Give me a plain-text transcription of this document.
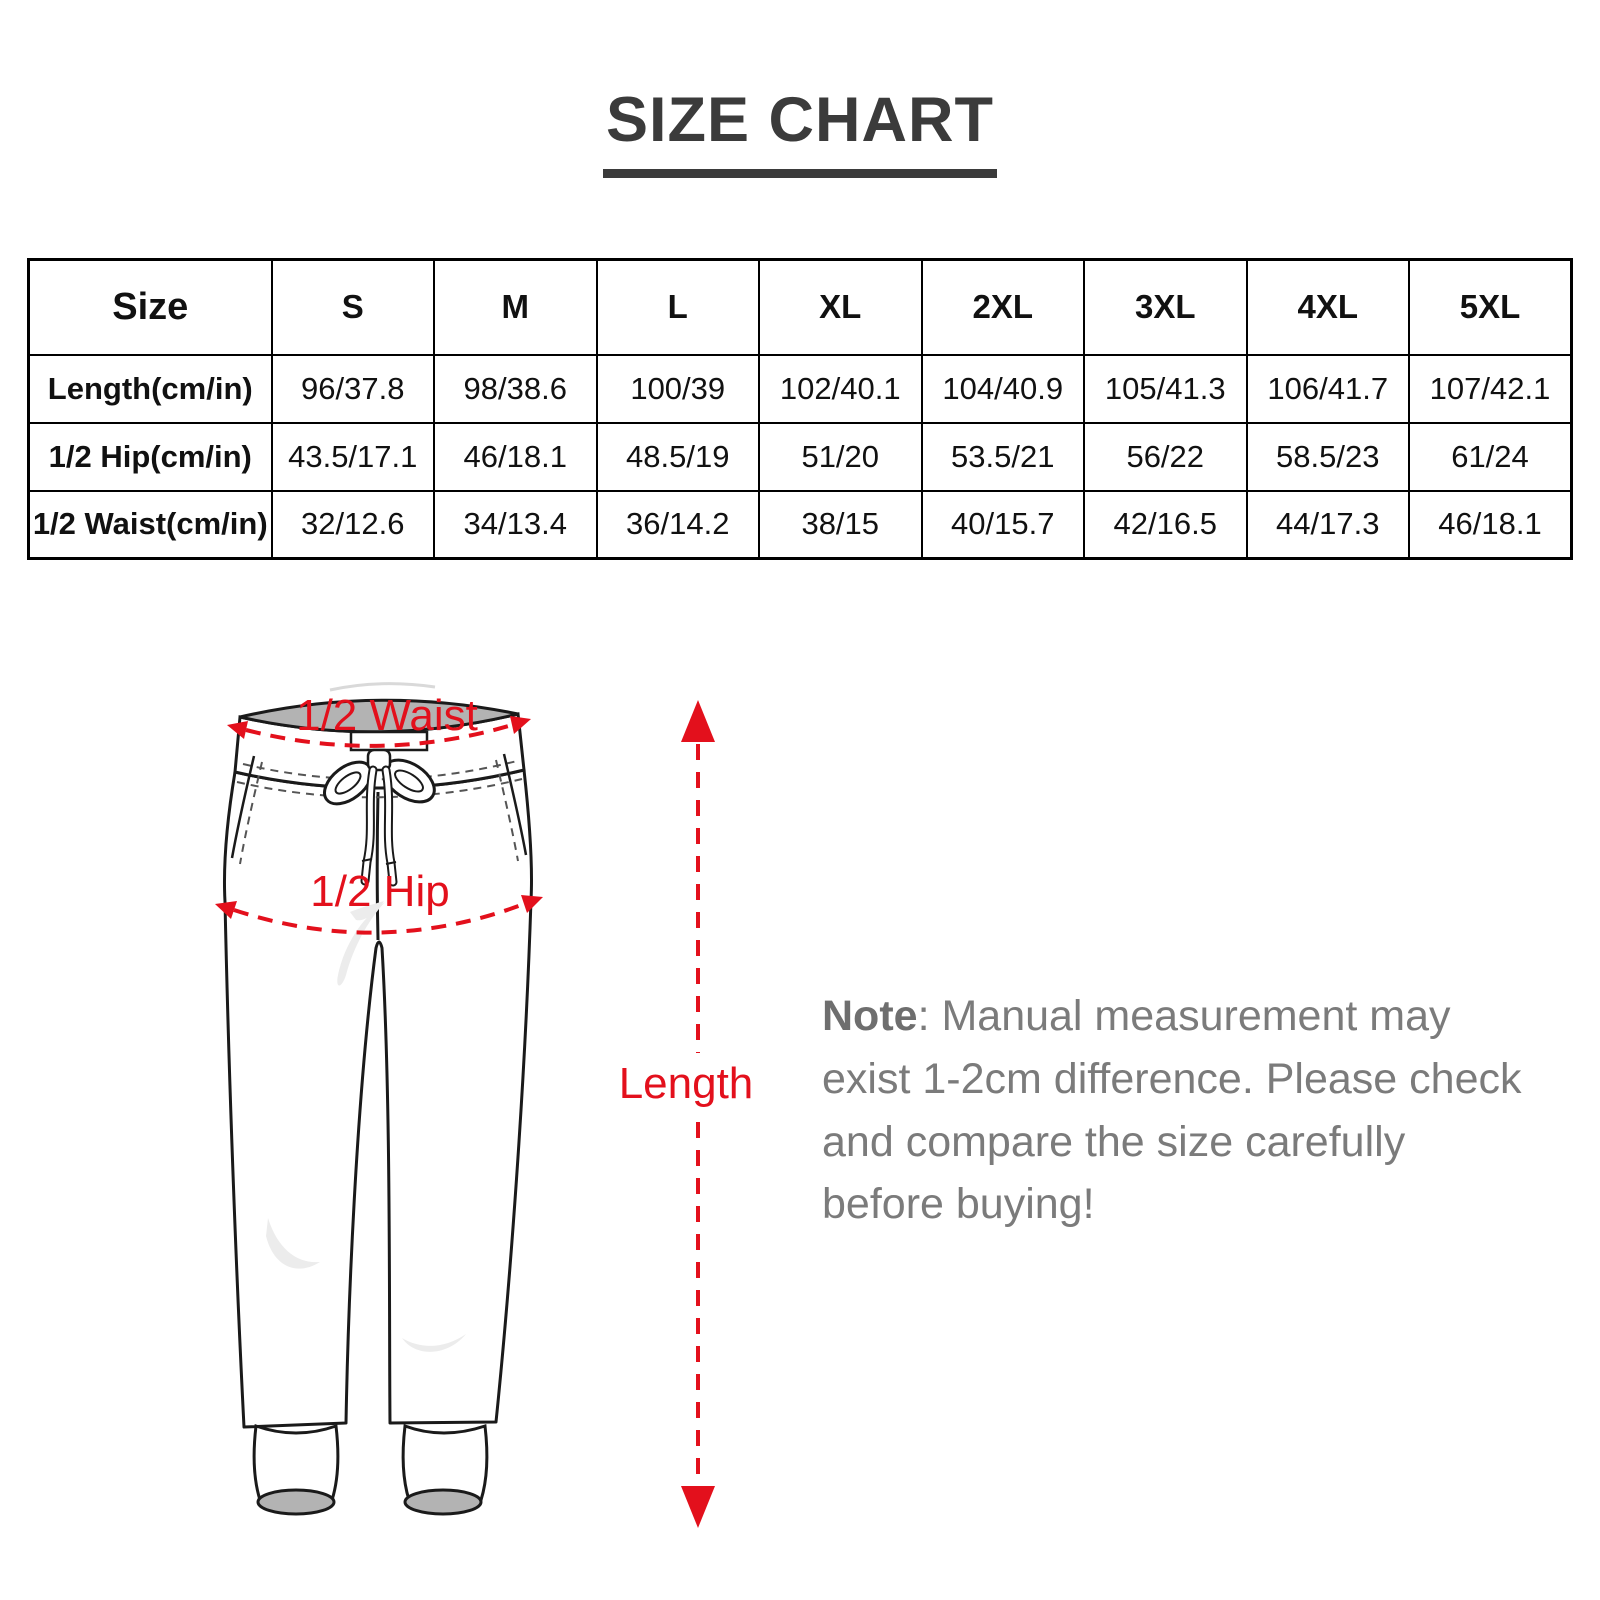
SIZE CHART
Size	S	M	L	XL	2XL	3XL	4XL	5XL
Length(cm/in)	96/37.8	98/38.6	100/39	102/40.1	104/40.9	105/41.3	106/41.7	107/42.1
1/2 Hip(cm/in)	43.5/17.1	46/18.1	48.5/19	51/20	53.5/21	56/22	58.5/23	61/24
1/2 Waist(cm/in)	32/12.6	34/13.4	36/14.2	38/15	40/15.7	42/16.5	44/17.3	46/18.1
1/2 Waist
1/2 Hip
Length

Note: Manual measurement may exist 1-2cm difference. Please check and compare the size carefully before buying!
